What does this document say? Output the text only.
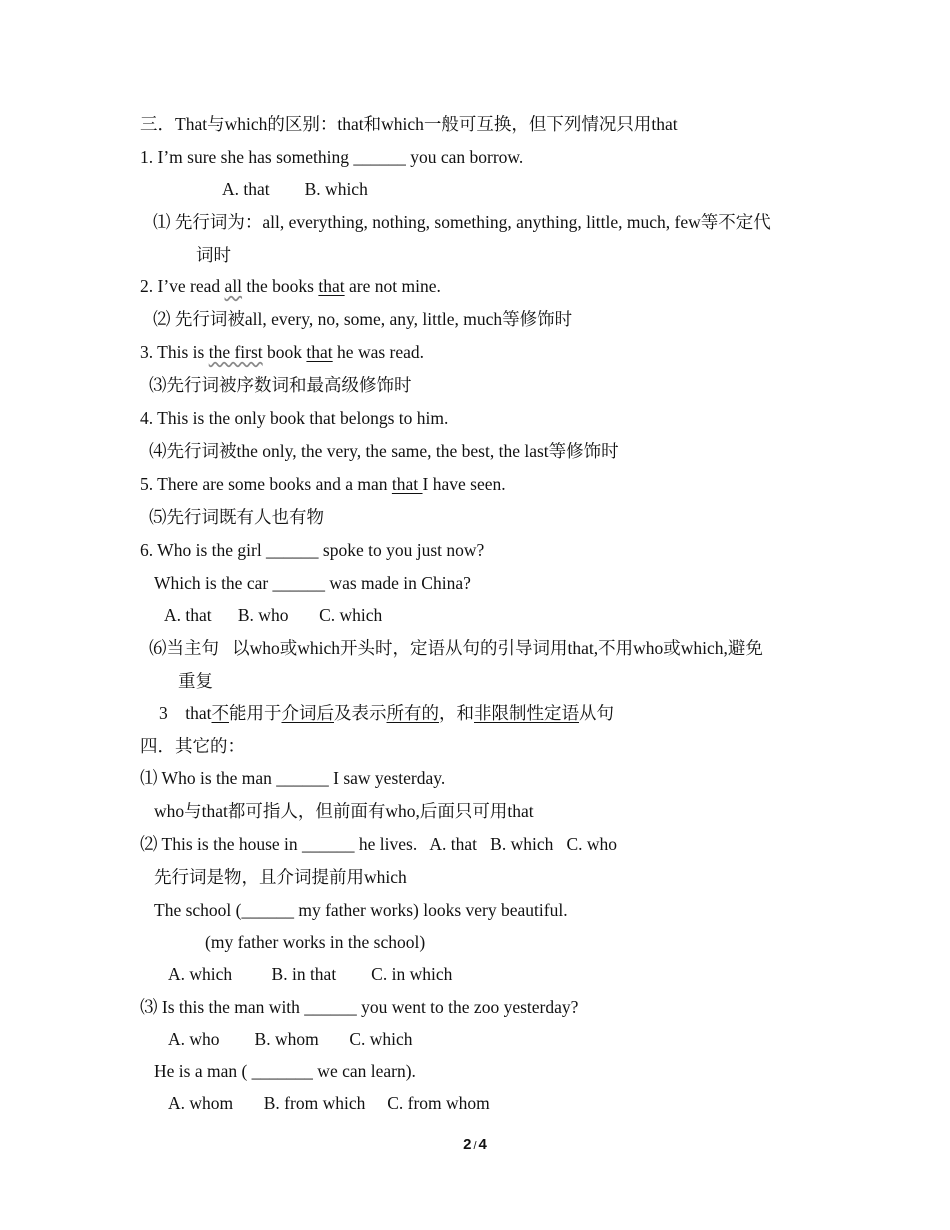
三．That与which的区别：that和which一般可互换，但下列情况只用that
1. I’m sure she has something ______ you can borrow.
A. that        B. which
⑴ 先行词为：all, everything, nothing, something, anything, little, much, few等不定代
词时
2. I’ve read all the books that are not mine.
⑵ 先行词被all, every, no, some, any, little, much等修饰时
3. This is the first book that he was read.
⑶先行词被序数词和最高级修饰时
4. This is the only book that belongs to him.
⑷先行词被the only, the very, the same, the best, the last等修饰时
5. There are some books and a man that I have seen.
⑸先行词既有人也有物
6. Who is the girl ______ spoke to you just now?
Which is the car ______ was made in China?
A. that      B. who       C. which
⑹当主句   以who或which开头时，定语从句的引导词用that,不用who或which,避免
重复
3    that不能用于介词后及表示所有的，和非限制性定语从句
四．其它的：
⑴ Who is the man ______ I saw yesterday.
who与that都可指人，但前面有who,后面只可用that
⑵ This is the house in ______ he lives.   A. that   B. which   C. who
先行词是物，且介词提前用which
The school (______ my father works) looks very beautiful.
(my father works in the school)
A. which         B. in that        C. in which
⑶ Is this the man with ______ you went to the zoo yesterday?
A. who        B. whom       C. which
He is a man ( _______ we can learn).
A. whom       B. from which     C. from whom
2 / 4
